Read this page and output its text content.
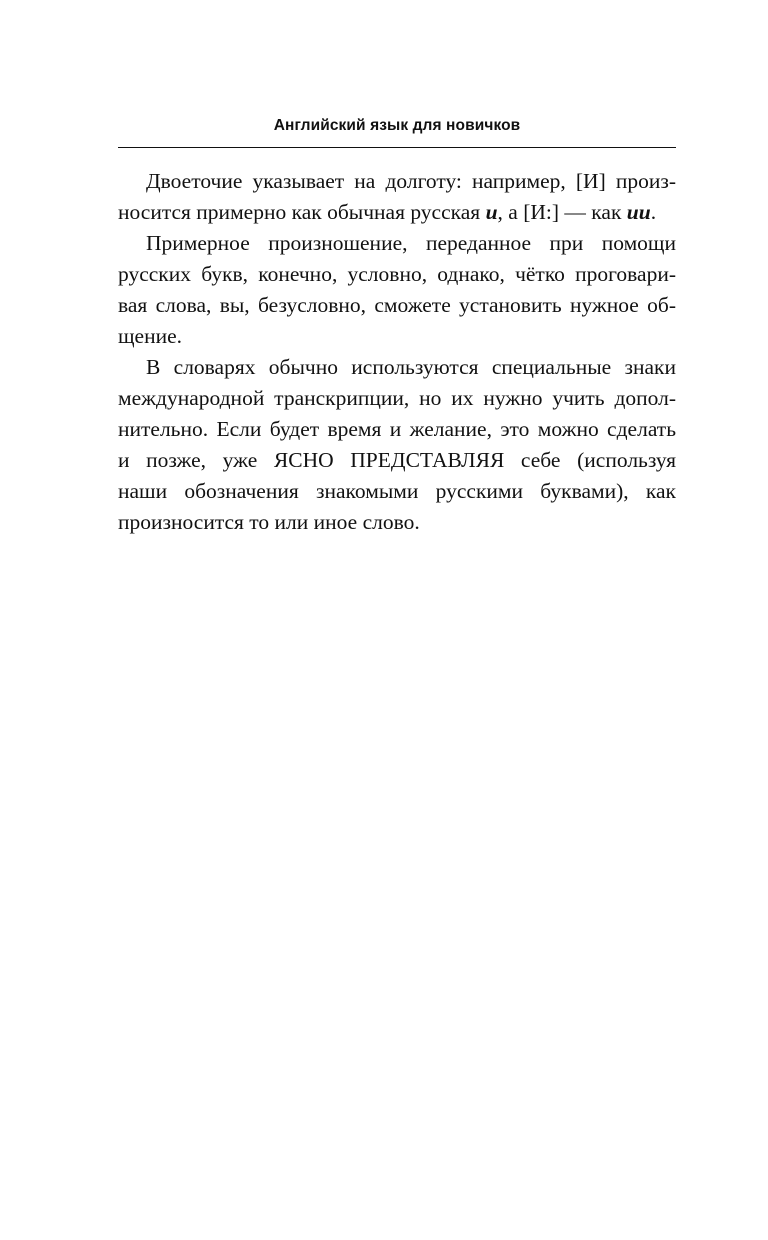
Английский язык для новичков
Двоеточие указывает на долготу: например, [И] произ-
носится примерно как обычная русская и, а [И:] — как ии.
Примерное произношение, переданное при помощи
русских букв, конечно, условно, однако, чётко проговари-
вая слова, вы, безусловно, сможете установить нужное об-
щение.
В словарях обычно используются специальные знаки
международной транскрипции, но их нужно учить допол-
нительно. Если будет время и желание, это можно сделать
и позже, уже ЯСНО ПРЕДСТАВЛЯЯ себе (используя
наши обозначения знакомыми русскими буквами), как
произносится то или иное слово.
